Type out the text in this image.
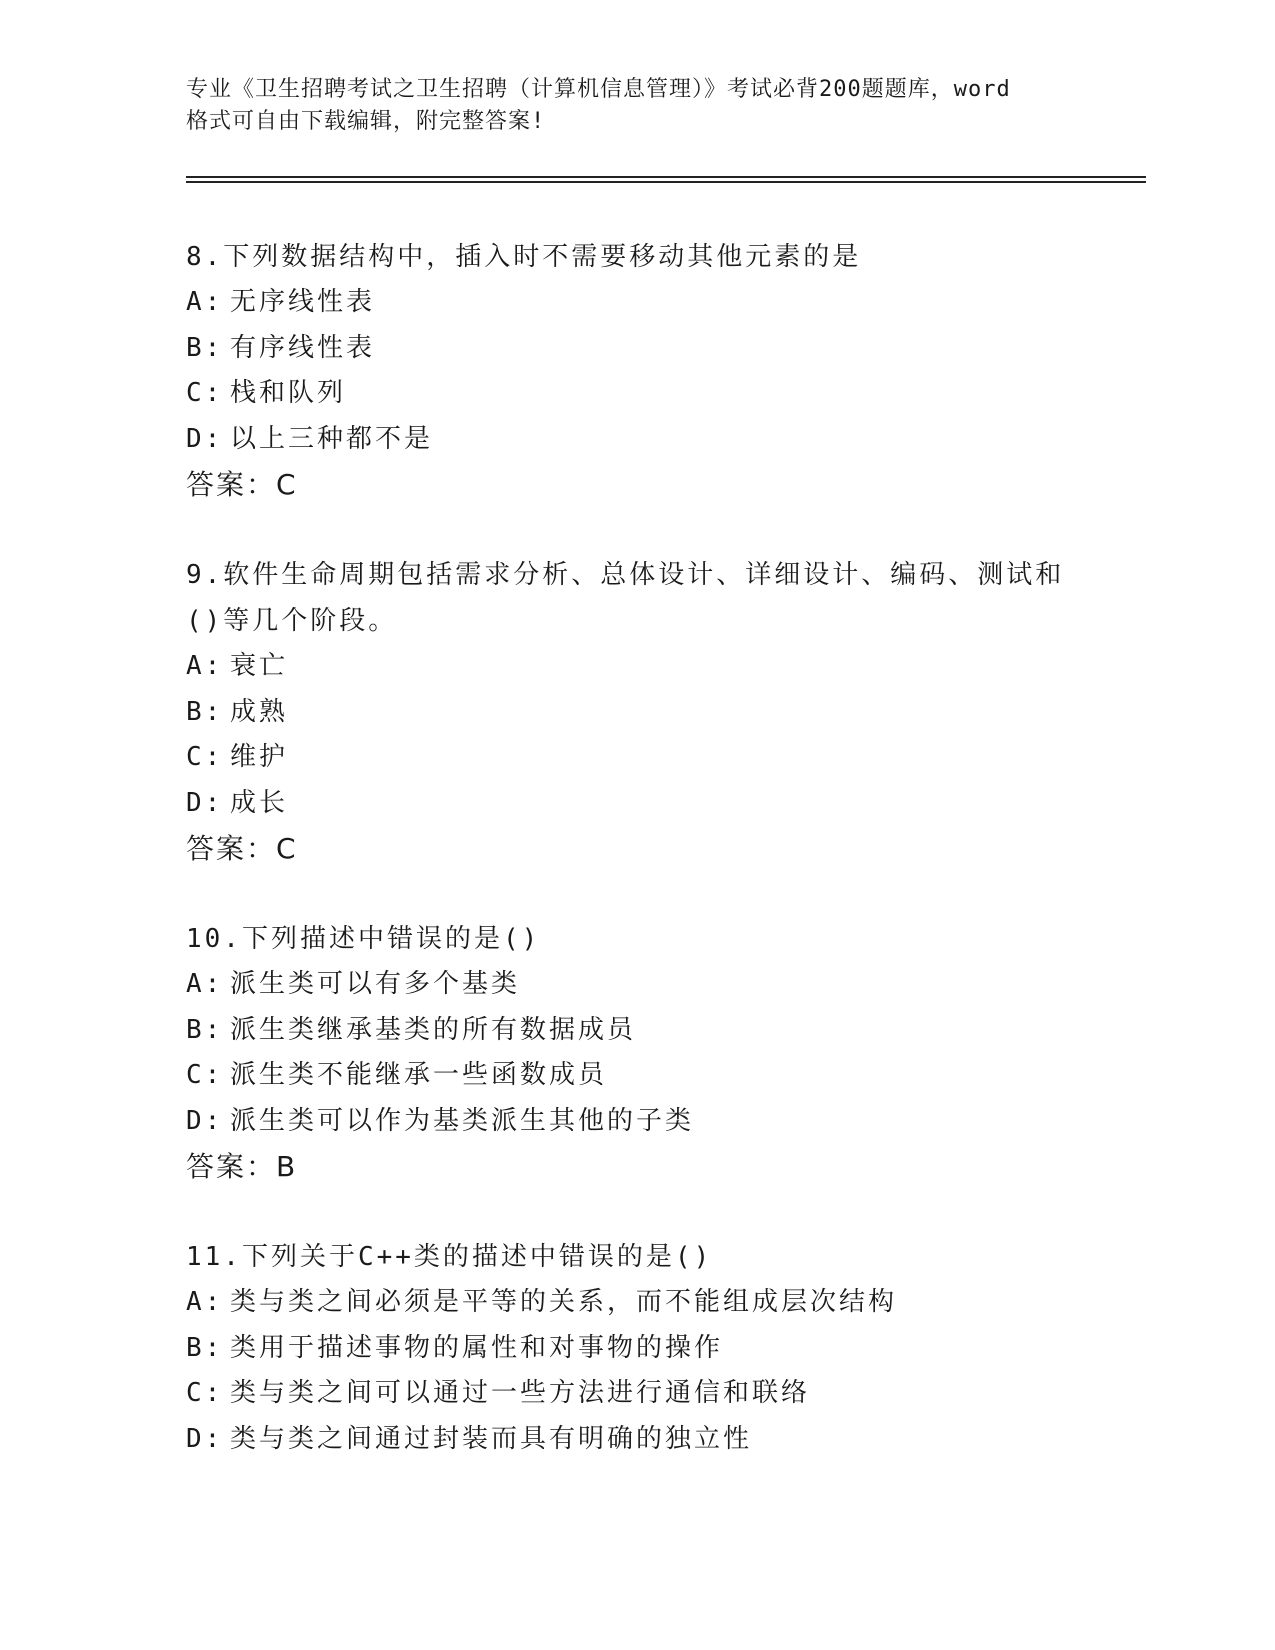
专业《卫生招聘考试之卫生招聘（计算机信息管理）》考试必背200题题库，word
格式可自由下载编辑，附完整答案!
8.下列数据结构中，插入时不需要移动其他元素的是
A: 无序线性表
B: 有序线性表
C: 栈和队列
D: 以上三种都不是
答案：C
9.软件生命周期包括需求分析、总体设计、详细设计、编码、测试和()等几个阶段。
A: 衰亡
B: 成熟
C: 维护
D: 成长
答案：C
10.下列描述中错误的是()
A: 派生类可以有多个基类
B: 派生类继承基类的所有数据成员
C: 派生类不能继承一些函数成员
D: 派生类可以作为基类派生其他的子类
答案：B
11.下列关于C++类的描述中错误的是()
A: 类与类之间必须是平等的关系，而不能组成层次结构
B: 类用于描述事物的属性和对事物的操作
C: 类与类之间可以通过一些方法进行通信和联络
D: 类与类之间通过封装而具有明确的独立性
